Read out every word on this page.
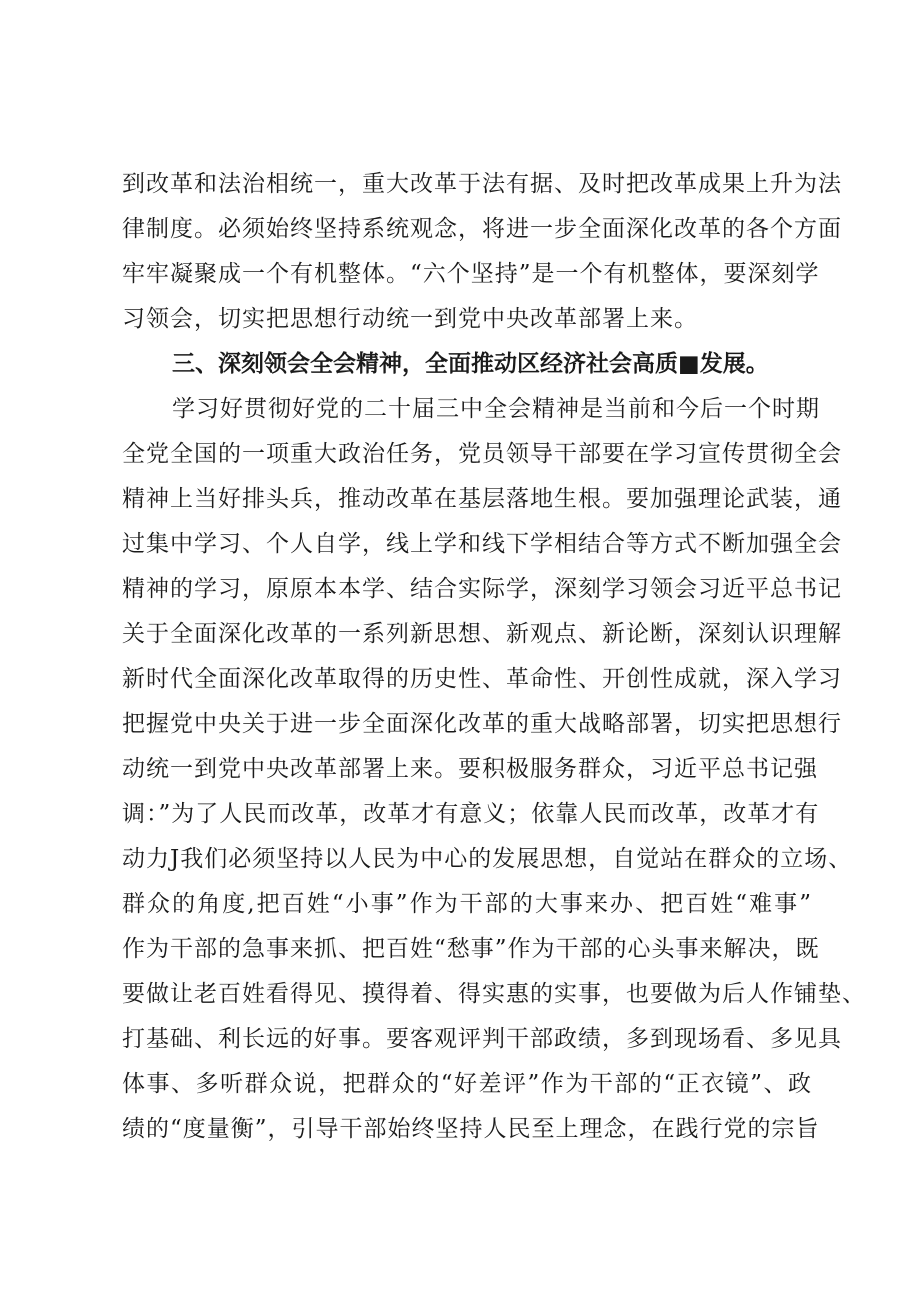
到改革和法治相统一，重大改革于法有据、及时把改革成果上升为法
律制度。必须始终坚持系统观念，将进一步全面深化改革的各个方面
牢牢凝聚成一个有机整体。“六个坚持”是一个有机整体，要深刻学
习领会，切实把思想行动统一到党中央改革部署上来。
三、深刻领会全会精神，全面推动区经济社会高质■发展。
学习好贯彻好党的二十届三中全会精神是当前和今后一个时期
全党全国的一项重大政治任务，党员领导干部要在学习宣传贯彻全会
精神上当好排头兵，推动改革在基层落地生根。要加强理论武装，通
过集中学习、个人自学，线上学和线下学相结合等方式不断加强全会
精神的学习，原原本本学、结合实际学，深刻学习领会习近平总书记
关于全面深化改革的一系列新思想、新观点、新论断，深刻认识理解
新时代全面深化改革取得的历史性、革命性、开创性成就，深入学习
把握党中央关于进一步全面深化改革的重大战略部署，切实把思想行
动统一到党中央改革部署上来。要积极服务群众，习近平总书记强
调：”为了人民而改革，改革才有意义；依靠人民而改革，改革才有
动力J我们必须坚持以人民为中心的发展思想，自觉站在群众的立场、
群众的角度,把百姓“小事”作为干部的大事来办、把百姓“难事”
作为干部的急事来抓、把百姓“愁事”作为干部的心头事来解决，既
要做让老百姓看得见、摸得着、得实惠的实事，也要做为后人作铺垫、
打基础、利长远的好事。要客观评判干部政绩，多到现场看、多见具
体事、多听群众说，把群众的“好差评”作为干部的“正衣镜”、政
绩的“度量衡”，引导干部始终坚持人民至上理念，在践行党的宗旨
